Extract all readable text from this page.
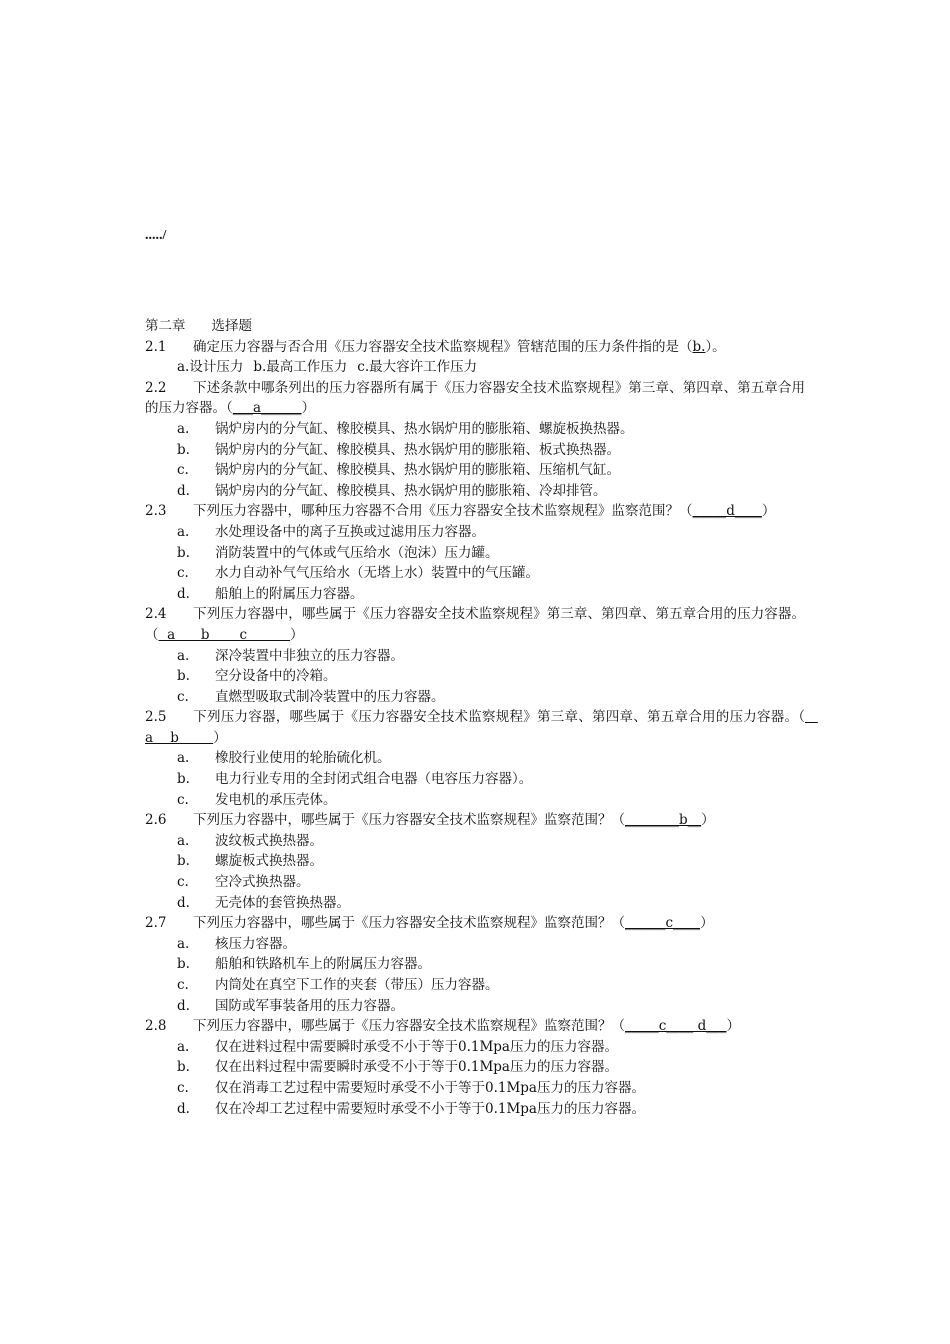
...../

第二章 选择题

2.1 确定压力容器与否合用《压力容器安全技术监察规程》管辖范围的压力条件指的是（b.）。

a.设计压力 b.最高工作压力 c.最大容许工作压力

2.2 下述条款中哪条列出的压力容器所有属于《压力容器安全技术监察规程》第三章、第四章、第五章合用的压力容器。（___a______）

a.	锅炉房内的分气缸、橡胶模具、热水锅炉用的膨胀箱、螺旋板换热器。

b.	锅炉房内的分气缸、橡胶模具、热水锅炉用的膨胀箱、板式换热器。

c.	锅炉房内的分气缸、橡胶模具、热水锅炉用的膨胀箱、压缩机气缸。

d.	锅炉房内的分气缸、橡胶模具、热水锅炉用的膨胀箱、冷却排管。

2.3 下列压力容器中，哪种压力容器不合用《压力容器安全技术监察规程》监察范围？（_____d____）

a.	水处理设备中的离子互换或过滤用压力容器。

b.	消防装置中的气体或气压给水（泡沫）压力罐。

c.	水力自动补气气压给水（无塔上水）装置中的气压罐。

d.	船舶上的附属压力容器。

2.4 下列压力容器中，哪些属于《压力容器安全技术监察规程》第三章、第四章、第五章合用的压力容器。（  a      b       c          ）

a.	深冷装置中非独立的压力容器。

b.	空分设备中的冷箱。

c.	直燃型吸取式制冷装置中的压力容器。

2.5 下列压力容器，哪些属于《压力容器安全技术监察规程》第三章、第四章、第五章合用的压力容器。（   a    b        ）

a.	橡胶行业使用的轮胎硫化机。

b.	电力行业专用的全封闭式组合电器（电容压力容器）。

c.	发电机的承压壳体。

2.6 下列压力容器中，哪些属于《压力容器安全技术监察规程》监察范围？（________b__）

a.	波纹板式换热器。

b.	螺旋板式换热器。

c.	空冷式换热器。

d.	无壳体的套管换热器。

2.7 下列压力容器中，哪些属于《压力容器安全技术监察规程》监察范围？（______c____）

a.	核压力容器。

b.	船舶和铁路机车上的附属压力容器。

c.	内筒处在真空下工作的夹套（带压）压力容器。

d.	国防或军事装备用的压力容器。

2.8 下列压力容器中，哪些属于《压力容器安全技术监察规程》监察范围？（_____c____ d___）

a.	仅在进料过程中需要瞬时承受不小于等于0.1Mpa压力的压力容器。

b.	仅在出料过程中需要瞬时承受不小于等于0.1Mpa压力的压力容器。

c.	仅在消毒工艺过程中需要短时承受不小于等于0.1Mpa压力的压力容器。

d.	仅在冷却工艺过程中需要短时承受不小于等于0.1Mpa压力的压力容器。
